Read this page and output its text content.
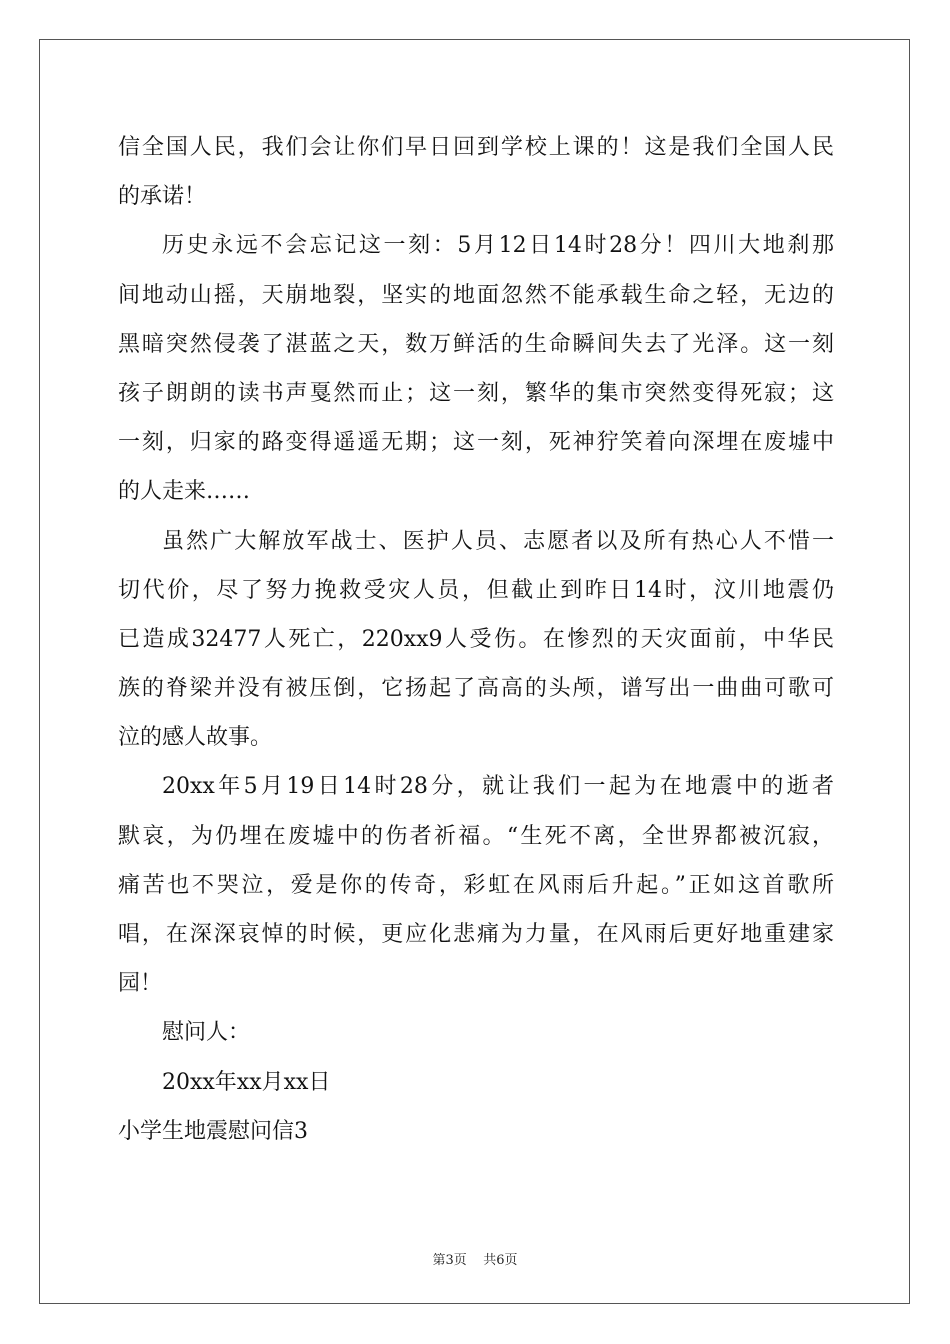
信全国人民，我们会让你们早日回到学校上课的！这是我们全国人民
的承诺！
历史永远不会忘记这一刻：5月12日14时28分！四川大地刹那
间地动山摇，天崩地裂，坚实的地面忽然不能承载生命之轻，无边的
黑暗突然侵袭了湛蓝之天，数万鲜活的生命瞬间失去了光泽。这一刻
孩子朗朗的读书声戛然而止；这一刻，繁华的集市突然变得死寂；这
一刻，归家的路变得遥遥无期；这一刻，死神狞笑着向深埋在废墟中
的人走来……
虽然广大解放军战士、医护人员、志愿者以及所有热心人不惜一
切代价，尽了努力挽救受灾人员，但截止到昨日14时，汶川地震仍
已造成32477人死亡，220xx9人受伤。在惨烈的天灾面前，中华民
族的脊梁并没有被压倒，它扬起了高高的头颅，谱写出一曲曲可歌可
泣的感人故事。
20xx年5月19日14时28分，就让我们一起为在地震中的逝者
默哀，为仍埋在废墟中的伤者祈福。“生死不离，全世界都被沉寂，
痛苦也不哭泣，爱是你的传奇，彩虹在风雨后升起。”正如这首歌所
唱，在深深哀悼的时候，更应化悲痛为力量，在风雨后更好地重建家
园！
慰问人：
20xx年xx月xx日
小学生地震慰问信3
第3页    共6页
